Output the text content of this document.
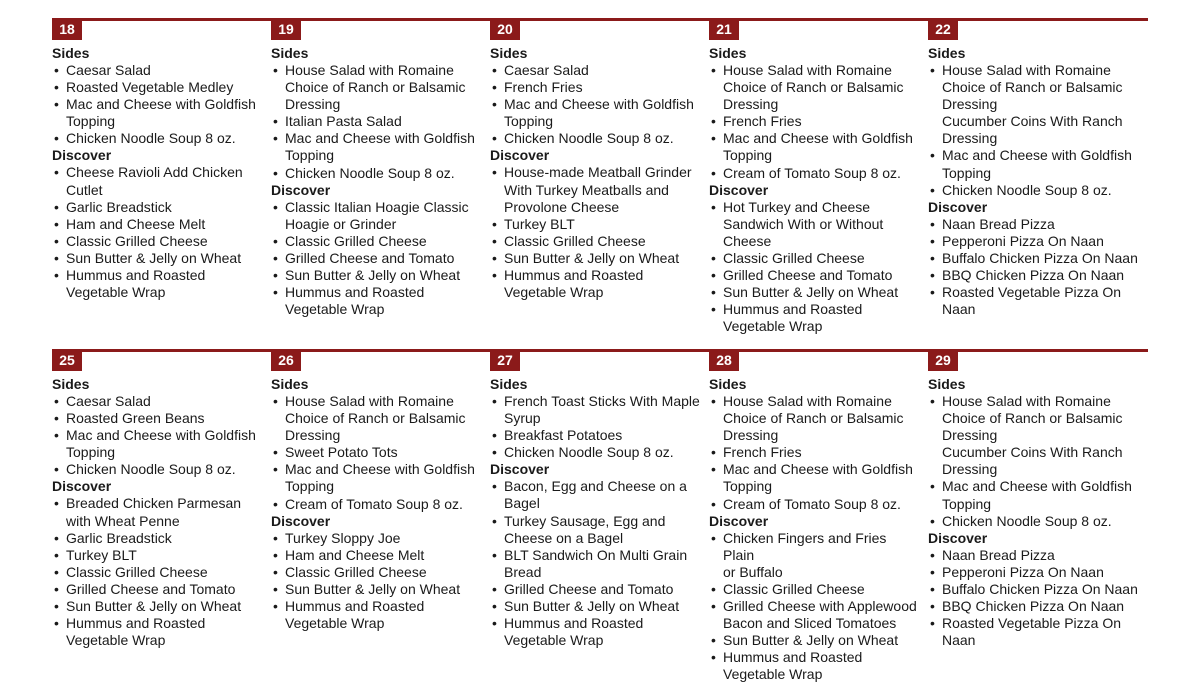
18
Sides
• Caesar Salad
• Roasted Vegetable Medley
• Mac and Cheese with Goldfish
Topping
• Chicken Noodle Soup 8 oz.
Discover
• Cheese Ravioli Add Chicken
Cutlet
• Garlic Breadstick
• Ham and Cheese Melt
• Classic Grilled Cheese
• Sun Butter & Jelly on Wheat
• Hummus and Roasted
Vegetable Wrap
19
Sides
• House Salad with Romaine
Choice of Ranch or Balsamic
Dressing
• Italian Pasta Salad
• Mac and Cheese with Goldfish
Topping
• Chicken Noodle Soup 8 oz.
Discover
• Classic Italian Hoagie Classic
Hoagie or Grinder
• Classic Grilled Cheese
• Grilled Cheese and Tomato
• Sun Butter & Jelly on Wheat
• Hummus and Roasted
Vegetable Wrap
20
Sides
• Caesar Salad
• French Fries
• Mac and Cheese with Goldfish
Topping
• Chicken Noodle Soup 8 oz.
Discover
• House-made Meatball Grinder
With Turkey Meatballs and
Provolone Cheese
• Turkey BLT
• Classic Grilled Cheese
• Sun Butter & Jelly on Wheat
• Hummus and Roasted
Vegetable Wrap
21
Sides
• House Salad with Romaine
Choice of Ranch or Balsamic
Dressing
• French Fries
• Mac and Cheese with Goldfish
Topping
• Cream of Tomato Soup 8 oz.
Discover
• Hot Turkey and Cheese
Sandwich With or Without
Cheese
• Classic Grilled Cheese
• Grilled Cheese and Tomato
• Sun Butter & Jelly on Wheat
• Hummus and Roasted
Vegetable Wrap
22
Sides
• House Salad with Romaine
Choice of Ranch or Balsamic
Dressing
Cucumber Coins With Ranch
Dressing
• Mac and Cheese with Goldfish
Topping
• Chicken Noodle Soup 8 oz.
Discover
• Naan Bread Pizza
• Pepperoni Pizza On Naan
• Buffalo Chicken Pizza On Naan
• BBQ Chicken Pizza On Naan
• Roasted Vegetable Pizza On
Naan
25
Sides
• Caesar Salad
• Roasted Green Beans
• Mac and Cheese with Goldfish
Topping
• Chicken Noodle Soup 8 oz.
Discover
• Breaded Chicken Parmesan
with Wheat Penne
• Garlic Breadstick
• Turkey BLT
• Classic Grilled Cheese
• Grilled Cheese and Tomato
• Sun Butter & Jelly on Wheat
• Hummus and Roasted
Vegetable Wrap
26
Sides
• House Salad with Romaine
Choice of Ranch or Balsamic
Dressing
• Sweet Potato Tots
• Mac and Cheese with Goldfish
Topping
• Cream of Tomato Soup 8 oz.
Discover
• Turkey Sloppy Joe
• Ham and Cheese Melt
• Classic Grilled Cheese
• Sun Butter & Jelly on Wheat
• Hummus and Roasted
Vegetable Wrap
27
Sides
• French Toast Sticks With Maple
Syrup
• Breakfast Potatoes
• Chicken Noodle Soup 8 oz.
Discover
• Bacon, Egg and Cheese on a
Bagel
• Turkey Sausage, Egg and
Cheese on a Bagel
• BLT Sandwich On Multi Grain
Bread
• Grilled Cheese and Tomato
• Sun Butter & Jelly on Wheat
• Hummus and Roasted
Vegetable Wrap
28
Sides
• House Salad with Romaine
Choice of Ranch or Balsamic
Dressing
• French Fries
• Mac and Cheese with Goldfish
Topping
• Cream of Tomato Soup 8 oz.
Discover
• Chicken Fingers and Fries Plain
or Buffalo
• Classic Grilled Cheese
• Grilled Cheese with Applewood
Bacon and Sliced Tomatoes
• Sun Butter & Jelly on Wheat
• Hummus and Roasted
Vegetable Wrap
29
Sides
• House Salad with Romaine
Choice of Ranch or Balsamic
Dressing
Cucumber Coins With Ranch
Dressing
• Mac and Cheese with Goldfish
Topping
• Chicken Noodle Soup 8 oz.
Discover
• Naan Bread Pizza
• Pepperoni Pizza On Naan
• Buffalo Chicken Pizza On Naan
• BBQ Chicken Pizza On Naan
• Roasted Vegetable Pizza On
Naan
